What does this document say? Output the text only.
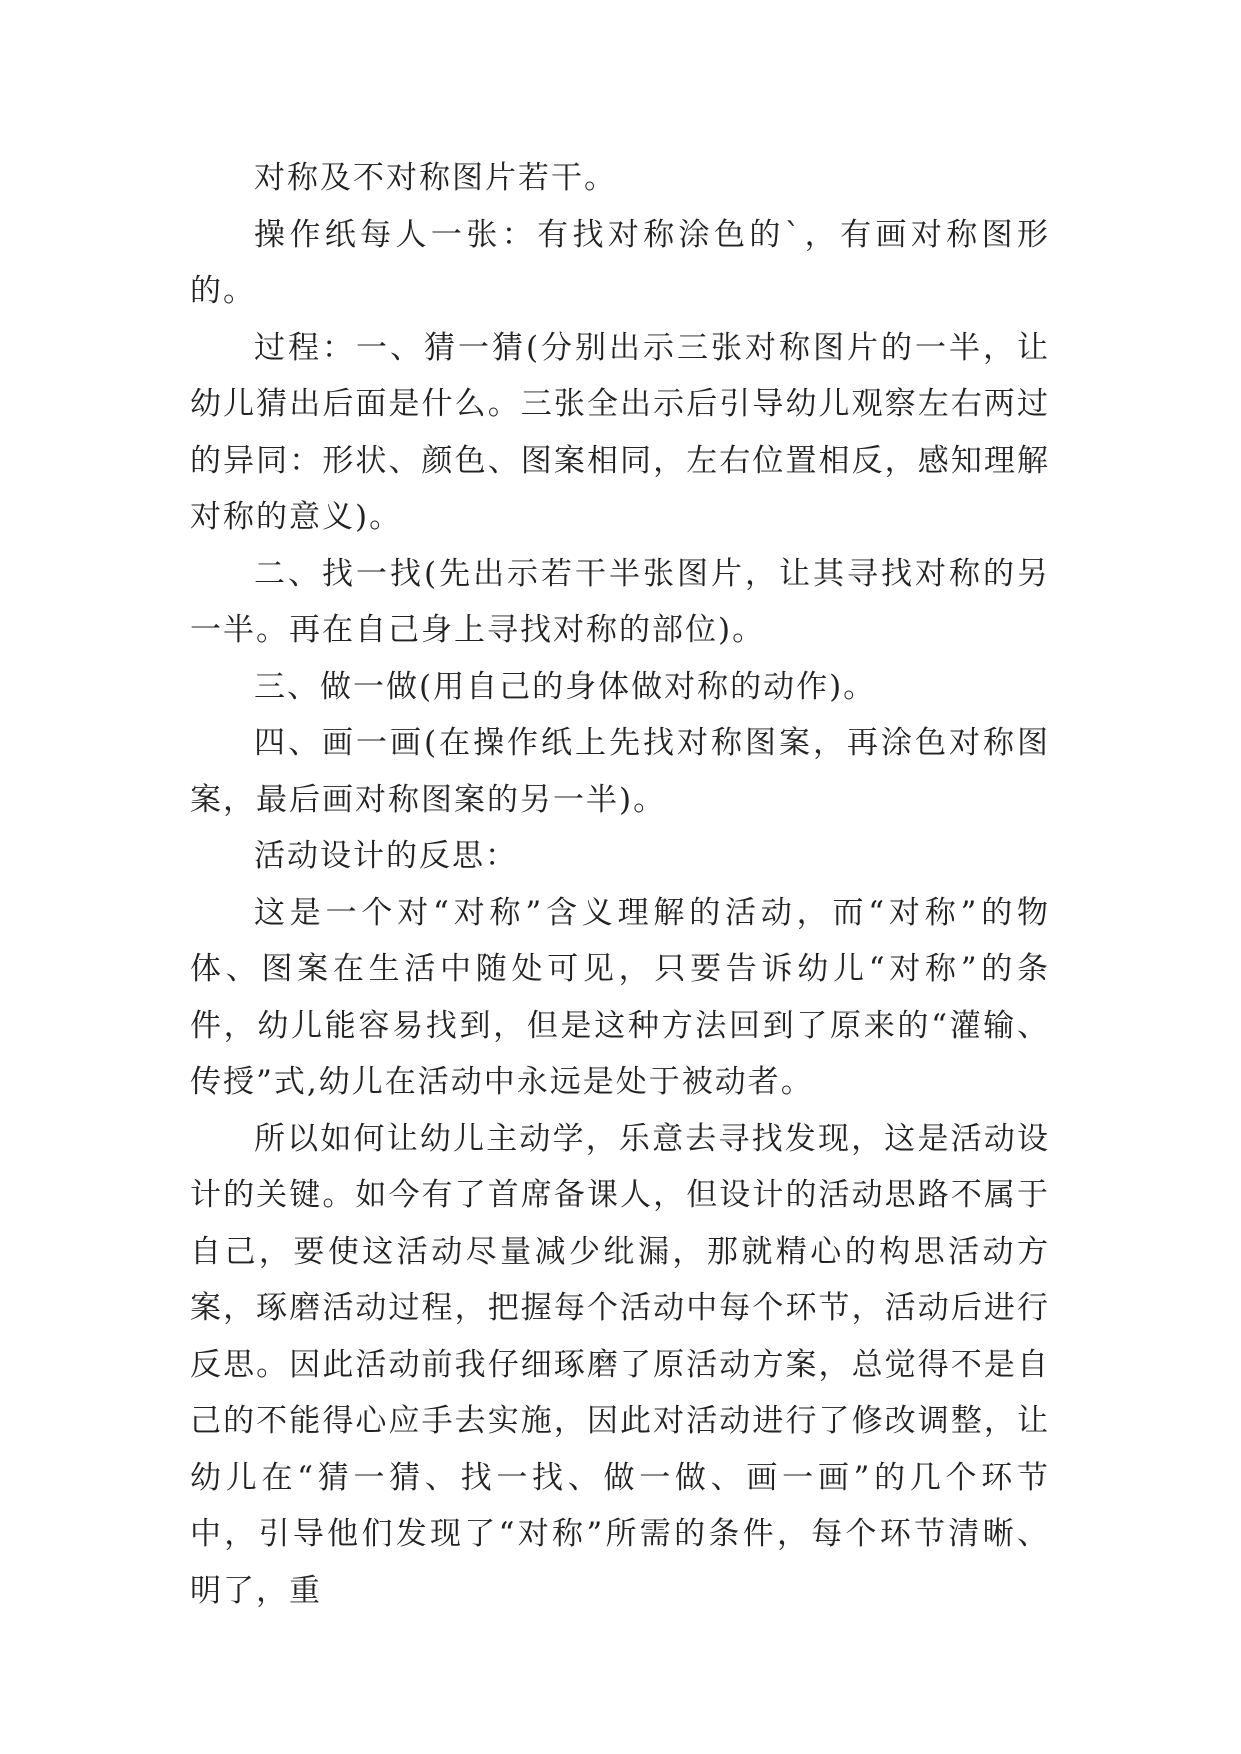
对称及不对称图片若干。

操作纸每人一张：有找对称涂色的`，有画对称图形的。

过程：一、猜一猜(分别出示三张对称图片的一半，让幼儿猜出后面是什么。三张全出示后引导幼儿观察左右两过的异同：形状、颜色、图案相同，左右位置相反，感知理解对称的意义)。

二、找一找(先出示若干半张图片，让其寻找对称的另一半。再在自己身上寻找对称的部位)。

三、做一做(用自己的身体做对称的动作)。

四、画一画(在操作纸上先找对称图案，再涂色对称图案，最后画对称图案的另一半)。

活动设计的反思：

这是一个对“对称”含义理解的活动，而“对称”的物体、图案在生活中随处可见，只要告诉幼儿“对称”的条件，幼儿能容易找到，但是这种方法回到了原来的“灌输、传授”式,幼儿在活动中永远是处于被动者。

所以如何让幼儿主动学，乐意去寻找发现，这是活动设计的关键。如今有了首席备课人，但设计的活动思路不属于自己，要使这活动尽量减少纰漏，那就精心的构思活动方案，琢磨活动过程，把握每个活动中每个环节，活动后进行反思。因此活动前我仔细琢磨了原活动方案，总觉得不是自己的不能得心应手去实施，因此对活动进行了修改调整，让幼儿在“猜一猜、找一找、做一做、画一画”的几个环节中，引导他们发现了“对称”所需的条件，每个环节清晰、明了，重
